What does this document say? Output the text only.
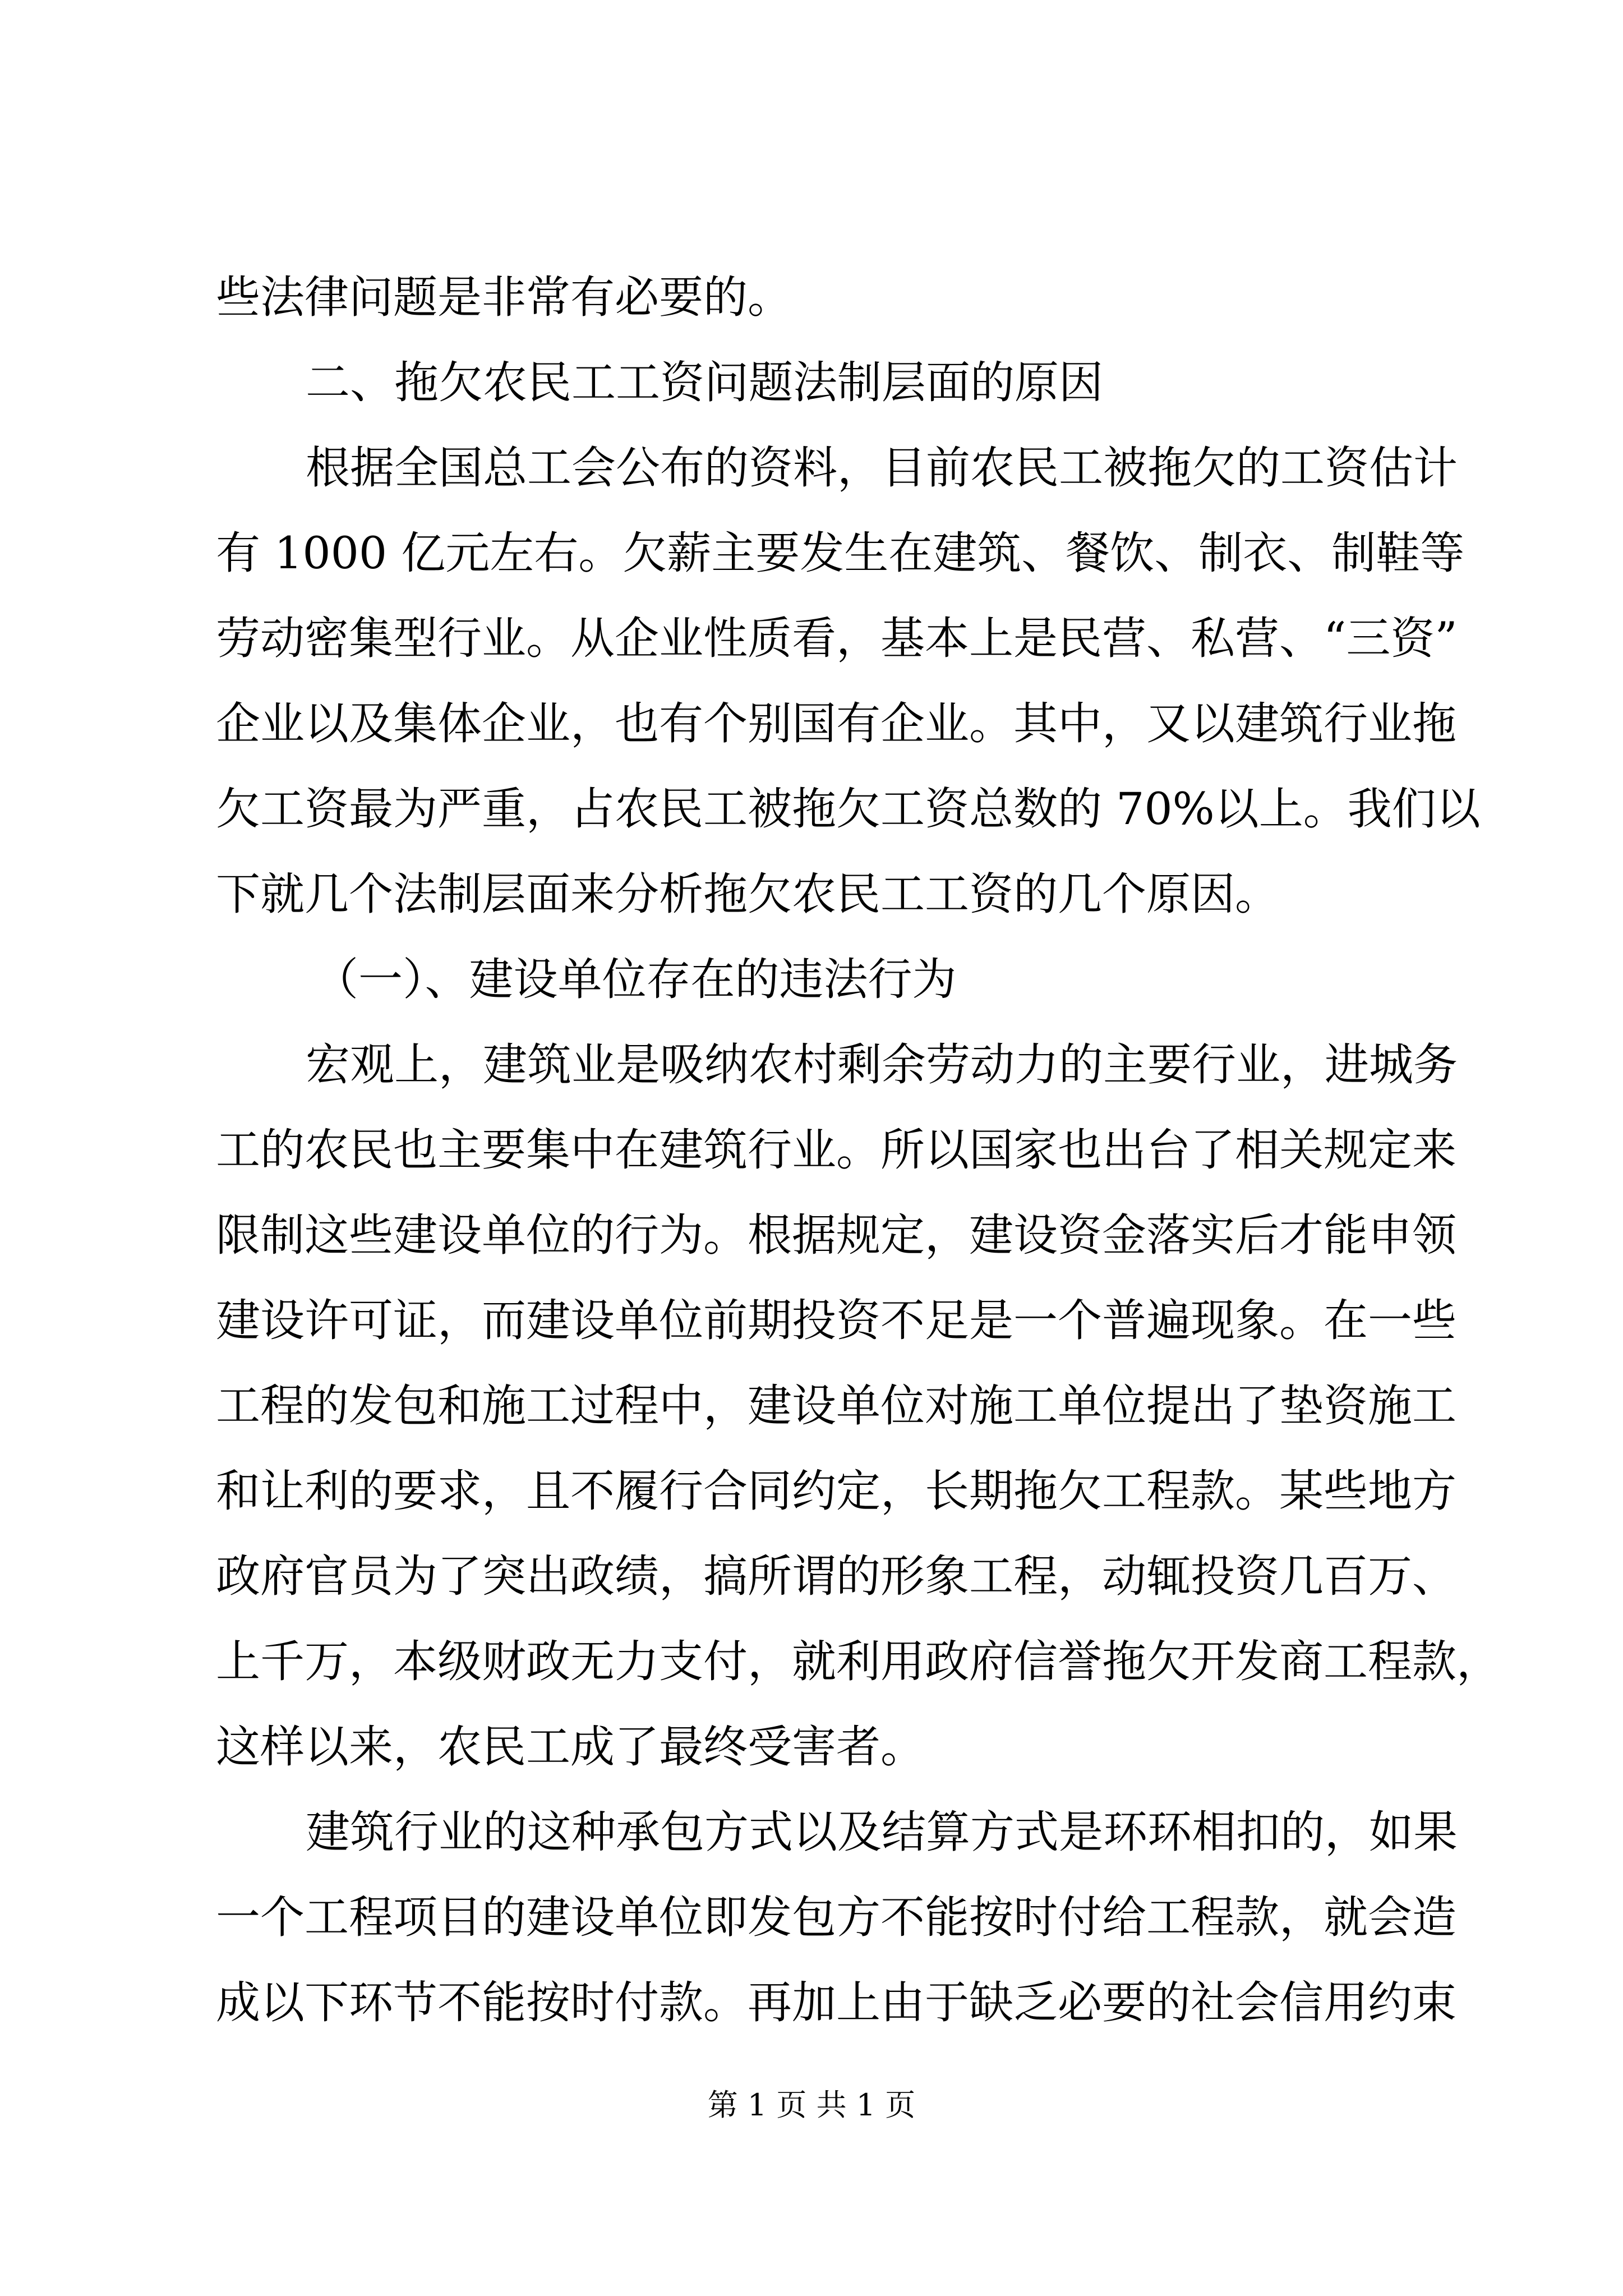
些法律问题是非常有必要的。
二、拖欠农民工工资问题法制层面的原因
根据全国总工会公布的资料，目前农民工被拖欠的工资估计
有 1000 亿元左右。欠薪主要发生在建筑、餐饮、制衣、制鞋等
劳动密集型行业。从企业性质看，基本上是民营、私营、“三资”
企业以及集体企业，也有个别国有企业。其中，又以建筑行业拖
欠工资最为严重，占农民工被拖欠工资总数的 70%以上。我们以
下就几个法制层面来分析拖欠农民工工资的几个原因。
（一）、建设单位存在的违法行为
宏观上，建筑业是吸纳农村剩余劳动力的主要行业，进城务
工的农民也主要集中在建筑行业。所以国家也出台了相关规定来
限制这些建设单位的行为。根据规定，建设资金落实后才能申领
建设许可证，而建设单位前期投资不足是一个普遍现象。在一些
工程的发包和施工过程中，建设单位对施工单位提出了垫资施工
和让利的要求，且不履行合同约定，长期拖欠工程款。某些地方
政府官员为了突出政绩，搞所谓的形象工程，动辄投资几百万、
上千万，本级财政无力支付，就利用政府信誉拖欠开发商工程款，
这样以来，农民工成了最终受害者。
建筑行业的这种承包方式以及结算方式是环环相扣的，如果
一个工程项目的建设单位即发包方不能按时付给工程款，就会造
成以下环节不能按时付款。再加上由于缺乏必要的社会信用约束
第 1 页 共 1 页
